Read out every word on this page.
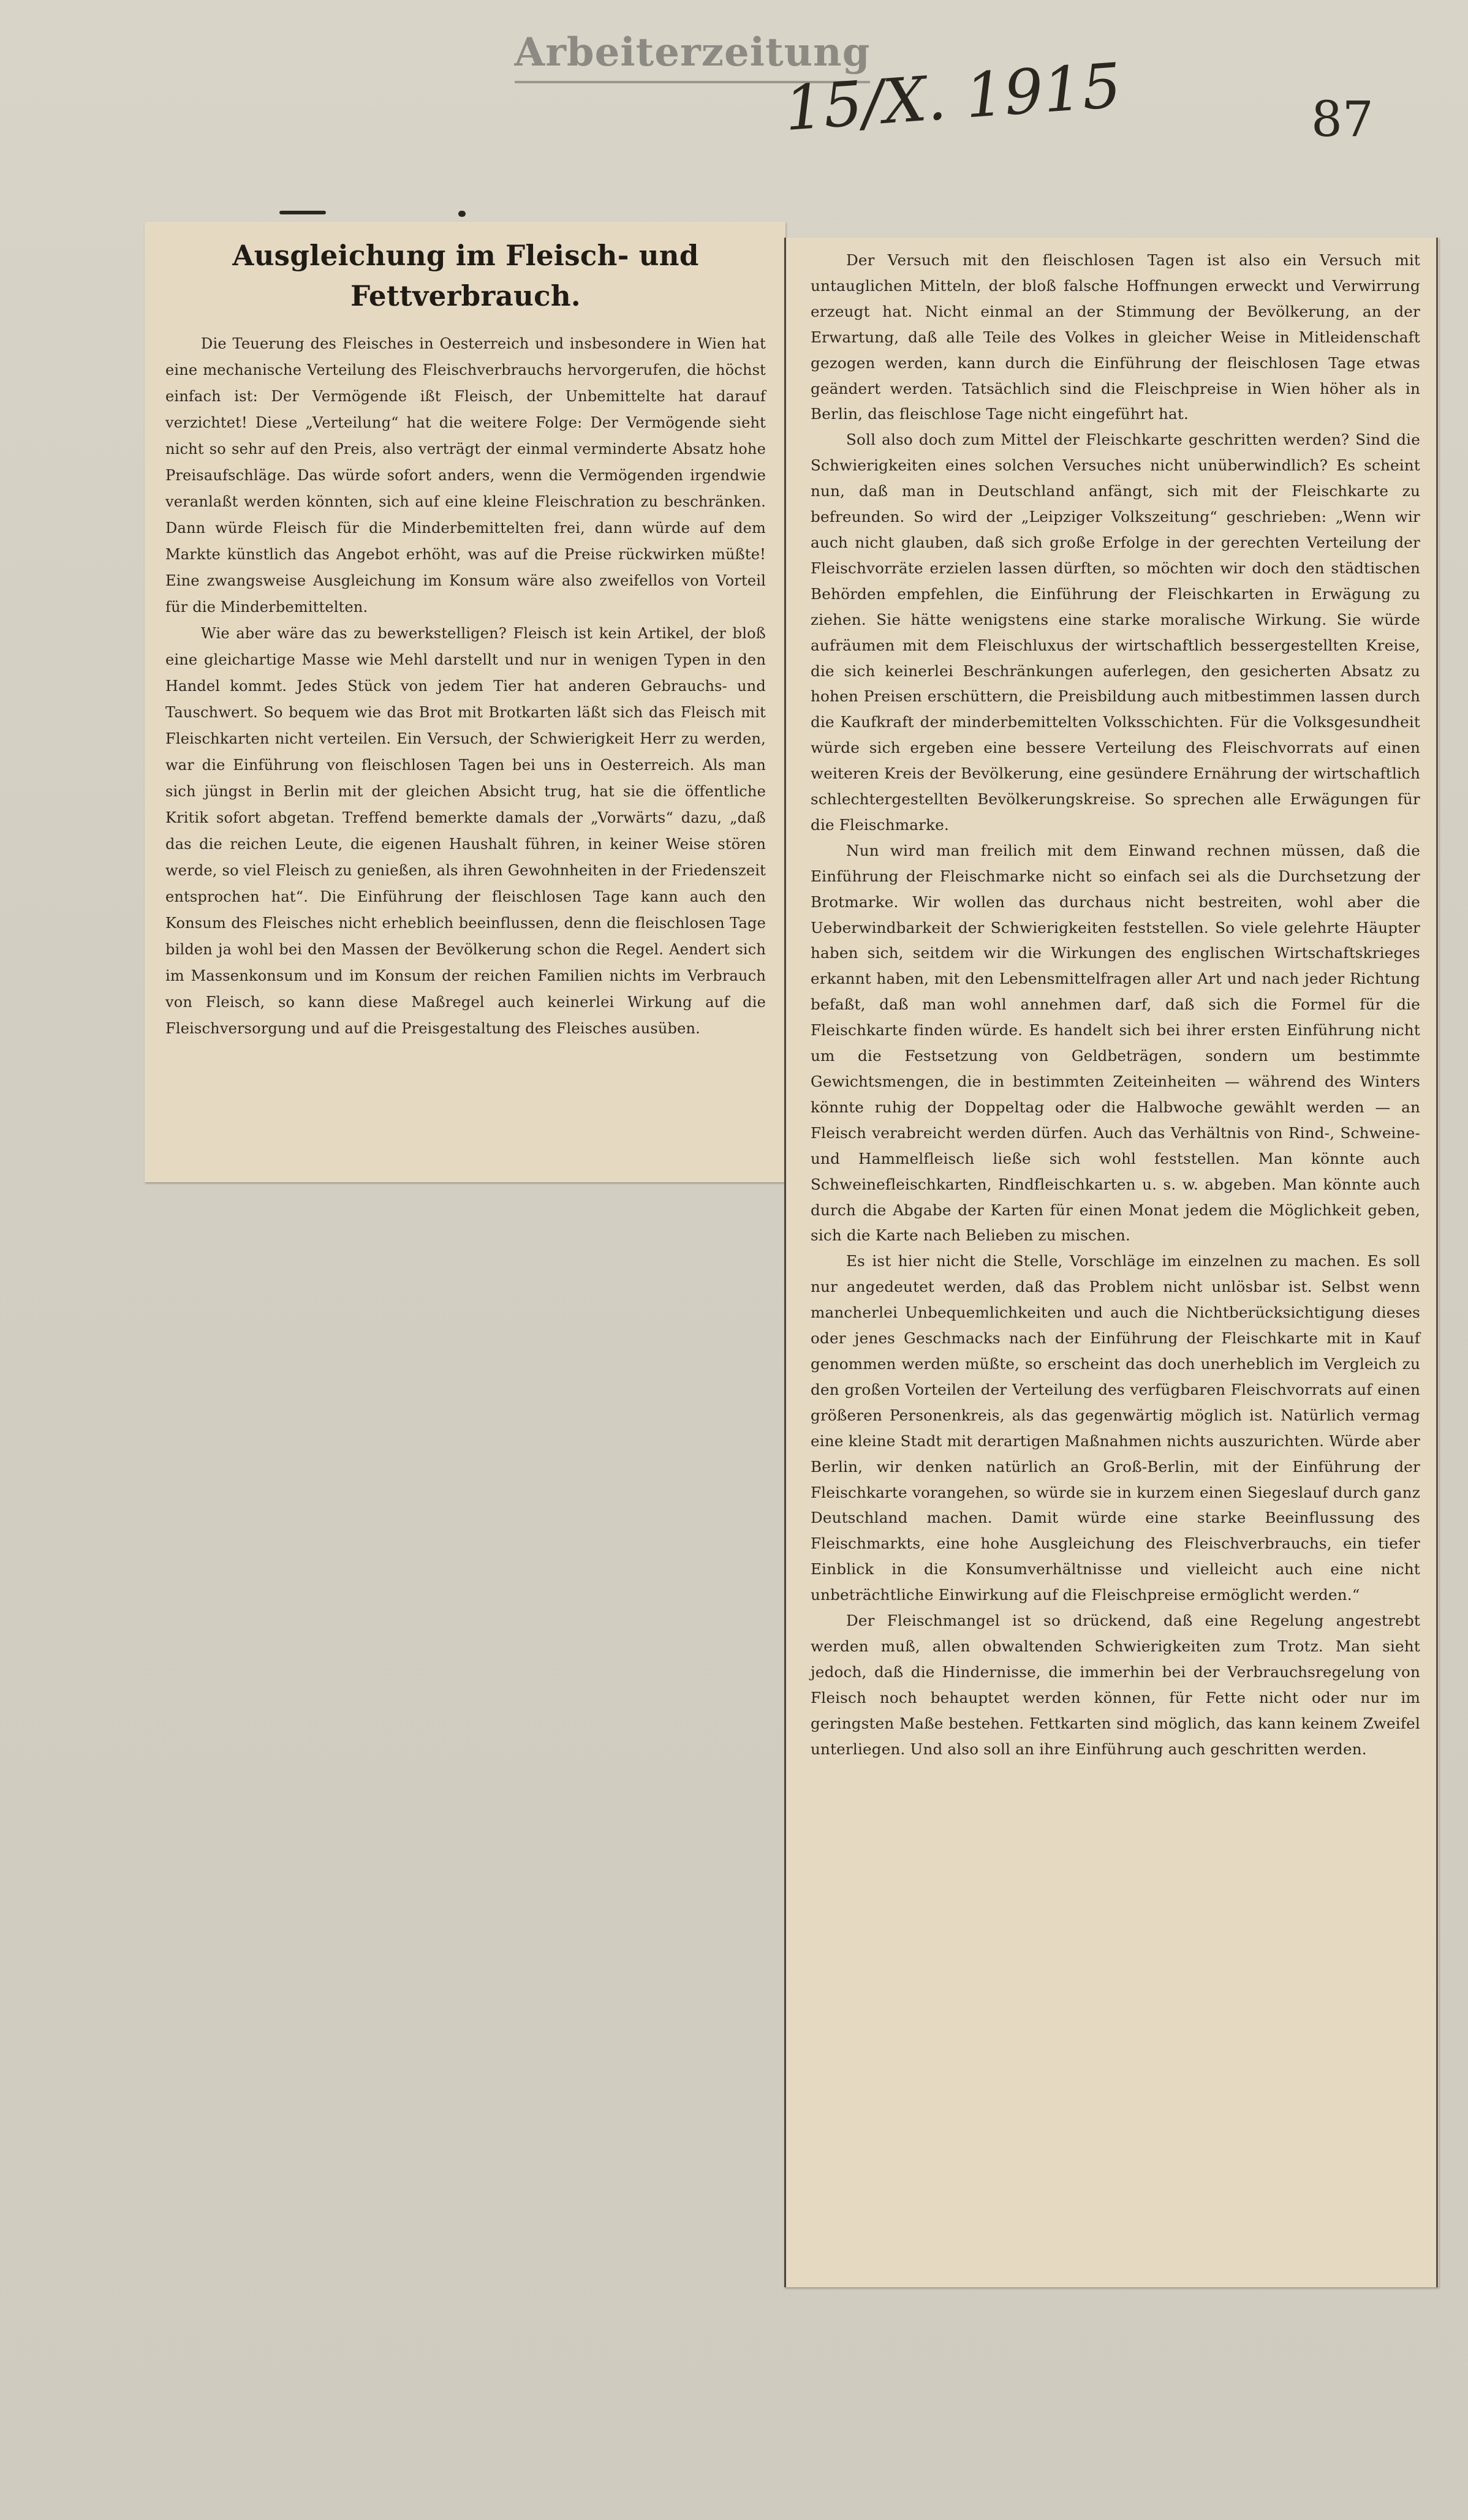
Arbeiterzeitung
15/X. 1915	87
Ausgleichung im Fleisch- und Fettverbrauch.

Die Teuerung des Fleisches in Oesterreich und insbesondere in Wien hat eine mechanische Verteilung des Fleischverbrauchs hervorgerufen, die höchst einfach ist: Der Vermögende ißt Fleisch, der Unbemittelte hat darauf verzichtet! Diese „Verteilung“ hat die weitere Folge: Der Vermögende sieht nicht so sehr auf den Preis, also verträgt der einmal verminderte Absatz hohe Preisaufschläge. Das würde sofort anders, wenn die Vermögenden irgendwie veranlaßt werden könnten, sich auf eine kleine Fleischration zu beschränken. Dann würde Fleisch für die Minderbemittelten frei, dann würde auf dem Markte künstlich das Angebot erhöht, was auf die Preise rückwirken müßte! Eine zwangsweise Ausgleichung im Konsum wäre also zweifellos von Vorteil für die Minderbemittelten.

Wie aber wäre das zu bewerkstelligen? Fleisch ist kein Artikel, der bloß eine gleichartige Masse wie Mehl darstellt und nur in wenigen Typen in den Handel kommt. Jedes Stück von jedem Tier hat anderen Gebrauchs- und Tauschwert. So bequem wie das Brot mit Brotkarten läßt sich das Fleisch mit Fleischkarten nicht verteilen. Ein Versuch, der Schwierigkeit Herr zu werden, war die Einführung von fleischlosen Tagen bei uns in Oesterreich. Als man sich jüngst in Berlin mit der gleichen Absicht trug, hat sie die öffentliche Kritik sofort abgetan. Treffend bemerkte damals der „Vorwärts“ dazu, „daß das die reichen Leute, die eigenen Haushalt führen, in keiner Weise stören werde, so viel Fleisch zu genießen, als ihren Gewohnheiten in der Friedenszeit entsprochen hat“. Die Einführung der fleischlosen Tage kann auch den Konsum des Fleisches nicht erheblich beeinflussen, denn die fleischlosen Tage bilden ja wohl bei den Massen der Bevölkerung schon die Regel. Aendert sich im Massenkonsum und im Konsum der reichen Familien nichts im Verbrauch von Fleisch, so kann diese Maßregel auch keinerlei Wirkung auf die Fleischversorgung und auf die Preisgestaltung des Fleisches ausüben.

Der Versuch mit den fleischlosen Tagen ist also ein Versuch mit untauglichen Mitteln, der bloß falsche Hoffnungen erweckt und Verwirrung erzeugt hat. Nicht einmal an der Stimmung der Bevölkerung, an der Erwartung, daß alle Teile des Volkes in gleicher Weise in Mitleidenschaft gezogen werden, kann durch die Einführung der fleischlosen Tage etwas geändert werden. Tatsächlich sind die Fleischpreise in Wien höher als in Berlin, das fleischlose Tage nicht eingeführt hat.

Soll also doch zum Mittel der Fleischkarte geschritten werden? Sind die Schwierigkeiten eines solchen Versuches nicht unüberwindlich? Es scheint nun, daß man in Deutschland anfängt, sich mit der Fleischkarte zu befreunden. So wird der „Leipziger Volkszeitung“ geschrieben: „Wenn wir auch nicht glauben, daß sich große Erfolge in der gerechten Verteilung der Fleischvorräte erzielen lassen dürften, so möchten wir doch den städtischen Behörden empfehlen, die Einführung der Fleischkarten in Erwägung zu ziehen. Sie hätte wenigstens eine starke moralische Wirkung. Sie würde aufräumen mit dem Fleischluxus der wirtschaftlich bessergestellten Kreise, die sich keinerlei Beschränkungen auferlegen, den gesicherten Absatz zu hohen Preisen erschüttern, die Preisbildung auch mitbestimmen lassen durch die Kaufkraft der minderbemittelten Volksschichten. Für die Volksgesundheit würde sich ergeben eine bessere Verteilung des Fleischvorrats auf einen weiteren Kreis der Bevölkerung, eine gesündere Ernährung der wirtschaftlich schlechtergestellten Bevölkerungskreise. So sprechen alle Erwägungen für die Fleischmarke.

Nun wird man freilich mit dem Einwand rechnen müssen, daß die Einführung der Fleischmarke nicht so einfach sei als die Durchsetzung der Brotmarke. Wir wollen das durchaus nicht bestreiten, wohl aber die Ueberwindbarkeit der Schwierigkeiten feststellen. So viele gelehrte Häupter haben sich, seitdem wir die Wirkungen des englischen Wirtschaftskrieges erkannt haben, mit den Lebensmittelfragen aller Art und nach jeder Richtung befaßt, daß man wohl annehmen darf, daß sich die Formel für die Fleischkarte finden würde. Es handelt sich bei ihrer ersten Einführung nicht um die Festsetzung von Geldbeträgen, sondern um bestimmte Gewichtsmengen, die in bestimmten Zeiteinheiten — während des Winters könnte ruhig der Doppeltag oder die Halbwoche gewählt werden — an Fleisch verabreicht werden dürfen. Auch das Verhältnis von Rind-, Schweine- und Hammelfleisch ließe sich wohl feststellen. Man könnte auch Schweinefleischkarten, Rindfleischkarten u. s. w. abgeben. Man könnte auch durch die Abgabe der Karten für einen Monat jedem die Möglichkeit geben, sich die Karte nach Belieben zu mischen.

Es ist hier nicht die Stelle, Vorschläge im einzelnen zu machen. Es soll nur angedeutet werden, daß das Problem nicht unlösbar ist. Selbst wenn mancherlei Unbequemlichkeiten und auch die Nichtberücksichtigung dieses oder jenes Geschmacks nach der Einführung der Fleischkarte mit in Kauf genommen werden müßte, so erscheint das doch unerheblich im Vergleich zu den großen Vorteilen der Verteilung des verfügbaren Fleischvorrats auf einen größeren Personenkreis, als das gegenwärtig möglich ist. Natürlich vermag eine kleine Stadt mit derartigen Maßnahmen nichts auszurichten. Würde aber Berlin, wir denken natürlich an Groß-Berlin, mit der Einführung der Fleischkarte vorangehen, so würde sie in kurzem einen Siegeslauf durch ganz Deutschland machen. Damit würde eine starke Beeinflussung des Fleischmarkts, eine hohe Ausgleichung des Fleischverbrauchs, ein tiefer Einblick in die Konsumverhältnisse und vielleicht auch eine nicht unbeträchtliche Einwirkung auf die Fleischpreise ermöglicht werden.“

Der Fleischmangel ist so drückend, daß eine Regelung angestrebt werden muß, allen obwaltenden Schwierigkeiten zum Trotz. Man sieht jedoch, daß die Hindernisse, die immerhin bei der Verbrauchsregelung von Fleisch noch behauptet werden können, für Fette nicht oder nur im geringsten Maße bestehen. Fettkarten sind möglich, das kann keinem Zweifel unterliegen. Und also soll an ihre Einführung auch geschritten werden.
